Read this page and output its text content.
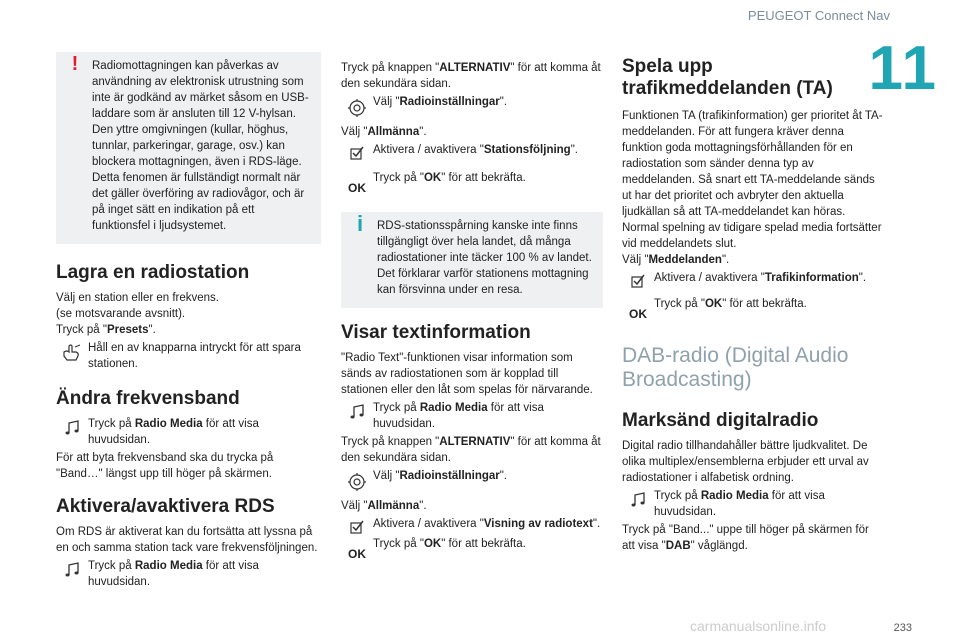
PEUGEOT Connect Nav
11
!	Radiomottagningen kan påverkas av användning av elektronisk utrustning som inte är godkänd av märket såsom en USB-laddare som är ansluten till 12 V-hylsan. Den yttre omgivningen (kullar, höghus, tunnlar, parkeringar, garage, osv.) kan blockera mottagningen, även i RDS-läge. Detta fenomen är fullständigt normalt när det gäller överföring av radiovågor, och är på inget sätt en indikation på ett funktionsfel i ljudsystemet.

Lagra en radiostation

Välj en station eller en frekvens.

(se motsvarande avsnitt).

Tryck på "Presets".

Håll en av knapparna intryckt för att spara stationen.
Ändra frekvensband
Tryck på Radio Media för att visa huvudsidan.

För att byta frekvensband ska du trycka på "Band…" längst upp till höger på skärmen.

Aktivera/avaktivera RDS

Om RDS är aktiverat kan du fortsätta att lyssna på en och samma station tack vare frekvensföljningen.

Tryck på Radio Media för att visa huvudsidan.

Tryck på knappen "ALTERNATIV" för att komma åt den sekundära sidan.

Välj "Radioinställningar".

Välj "Allmänna".

Aktivera / avaktivera "Stationsföljning".
OK
Tryck på "OK" för att bekräfta.
i	RDS-stationsspårning kanske inte finns tillgängligt över hela landet, då många radiostationer inte täcker 100 % av landet. Det förklarar varför stationens mottagning kan försvinna under en resa.

Visar textinformation

"Radio Text"-funktionen visar information som sänds av radiostationen som är kopplad till stationen eller den låt som spelas för närvarande.

Tryck på Radio Media för att visa huvudsidan.

Tryck på knappen "ALTERNATIV" för att komma åt den sekundära sidan.

Välj "Radioinställningar".

Välj "Allmänna".

Aktivera / avaktivera "Visning av radiotext".
OK
Tryck på "OK" för att bekräfta.
Spela upp trafikmeddelanden (TA)

Funktionen TA (trafikinformation) ger prioritet åt TA-meddelanden. För att fungera kräver denna funktion goda mottagningsförhållanden för en radiostation som sänder denna typ av meddelanden. Så snart ett TA-meddelande sänds ut har det prioritet och avbryter den aktuella ljudkällan så att TA-meddelandet kan höras. Normal spelning av tidigare spelad media fortsätter vid meddelandets slut.

Välj "Meddelanden".

Aktivera / avaktivera "Trafikinformation".
OK
Tryck på "OK" för att bekräfta.
DAB-radio (Digital Audio Broadcasting)
Marksänd digitalradio

Digital radio tillhandahåller bättre ljudkvalitet. De olika multiplex/ensemblerna erbjuder ett urval av radiostationer i alfabetisk ordning.

Tryck på Radio Media för att visa huvudsidan.

Tryck på "Band..." uppe till höger på skärmen för att visa "DAB" våglängd.

carmanualsonline.info	233
